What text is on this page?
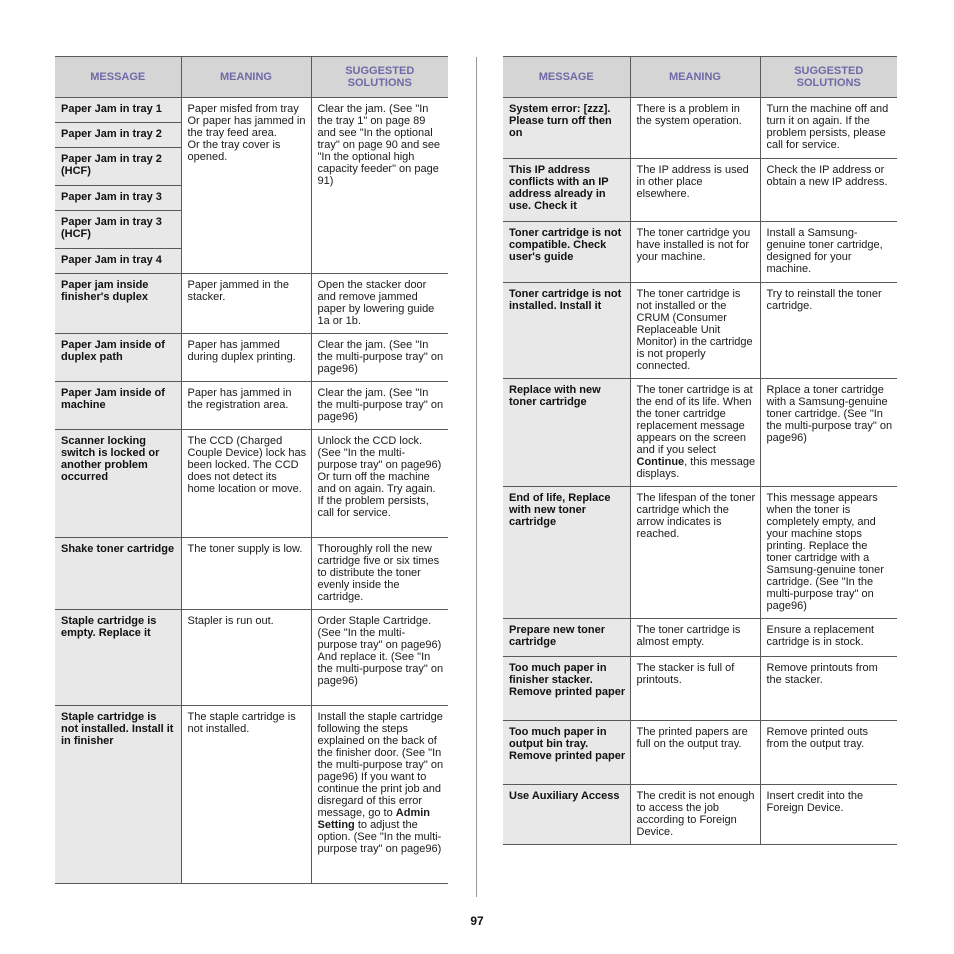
MESSAGE	MEANING	SUGGESTED SOLUTIONS
Paper Jam in tray 1	Paper misfed from tray
Or paper has jammed in the tray feed area.
Or the tray cover is opened.	Clear the jam. (See "In the tray 1" on page 89 and see "In the optional tray" on page 90 and see "In the optional high capacity feeder" on page 91)
Paper Jam in tray 2		
Paper Jam in tray 2 (HCF)		
Paper Jam in tray 3		
Paper Jam in tray 3 (HCF)		
Paper Jam in tray 4		
Paper jam inside finisher's duplex	Paper jammed in the stacker.	Open the stacker door and remove jammed paper by lowering guide 1a or 1b.
Paper Jam inside of duplex path	Paper has jammed during duplex printing.	Clear the jam. (See "In the multi-purpose tray" on page96)
Paper Jam inside of machine	Paper has jammed in the registration area.	Clear the jam. (See "In the multi-purpose tray" on page96)
Scanner locking switch is locked or another problem occurred	The CCD (Charged Couple Device) lock has been locked. The CCD does not detect its home location or move.	Unlock the CCD lock. (See "In the multi-purpose tray" on page96) Or turn off the machine and on again. Try again. If the problem persists, call for service.
Shake toner cartridge	The toner supply is low.	Thoroughly roll the new cartridge five or six times to distribute the toner evenly inside the cartridge.
Staple cartridge is empty. Replace it	Stapler is run out.	Order Staple Cartridge. (See "In the multi-purpose tray" on page96) And replace it. (See "In the multi-purpose tray" on page96)
Staple cartridge is not installed. Install it in finisher	The staple cartridge is not installed.	Install the staple cartridge following the steps explained on the back of the finisher door. (See "In the multi-purpose tray" on page96) If you want to continue the print job and disregard of this error message, go to Admin Setting to adjust the option. (See "In the multi-purpose tray" on page96)
MESSAGE	MEANING	SUGGESTED SOLUTIONS
System error: [zzz]. Please turn off then on	There is a problem in the system operation.	Turn the machine off and turn it on again. If the problem persists, please call for service.
This IP address conflicts with an IP address already in use. Check it	The IP address is used in other place elsewhere.	Check the IP address or obtain a new IP address.
Toner cartridge is not compatible. Check user's guide	The toner cartridge you have installed is not for your machine.	Install a Samsung-genuine toner cartridge, designed for your machine.
Toner cartridge is not installed. Install it	The toner cartridge is not installed or the CRUM (Consumer Replaceable Unit Monitor) in the cartridge is not properly connected.	Try to reinstall the toner cartridge.
Replace with new toner cartridge	The toner cartridge is at the end of its life. When the toner cartridge replacement message appears on the screen and if you select Continue, this message displays.	Rplace a toner cartridge with a Samsung-genuine toner cartridge. (See "In the multi-purpose tray" on page96)
End of life, Replace with new toner cartridge	The lifespan of the toner cartridge which the arrow indicates is reached.	This message appears when the toner is completely empty, and your machine stops printing. Replace the toner cartridge with a Samsung-genuine toner cartridge. (See "In the multi-purpose tray" on page96)
Prepare new toner cartridge	The toner cartridge is almost empty.	Ensure a replacement cartridge is in stock.
Too much paper in finisher stacker. Remove printed paper	The stacker is full of printouts.	Remove printouts from the stacker.
Too much paper in output bin tray. Remove printed paper	The printed papers are full on the output tray.	Remove printed outs from the output tray.
Use Auxiliary Access	The credit is not enough to access the job according to Foreign Device.	Insert credit into the Foreign Device.
97
